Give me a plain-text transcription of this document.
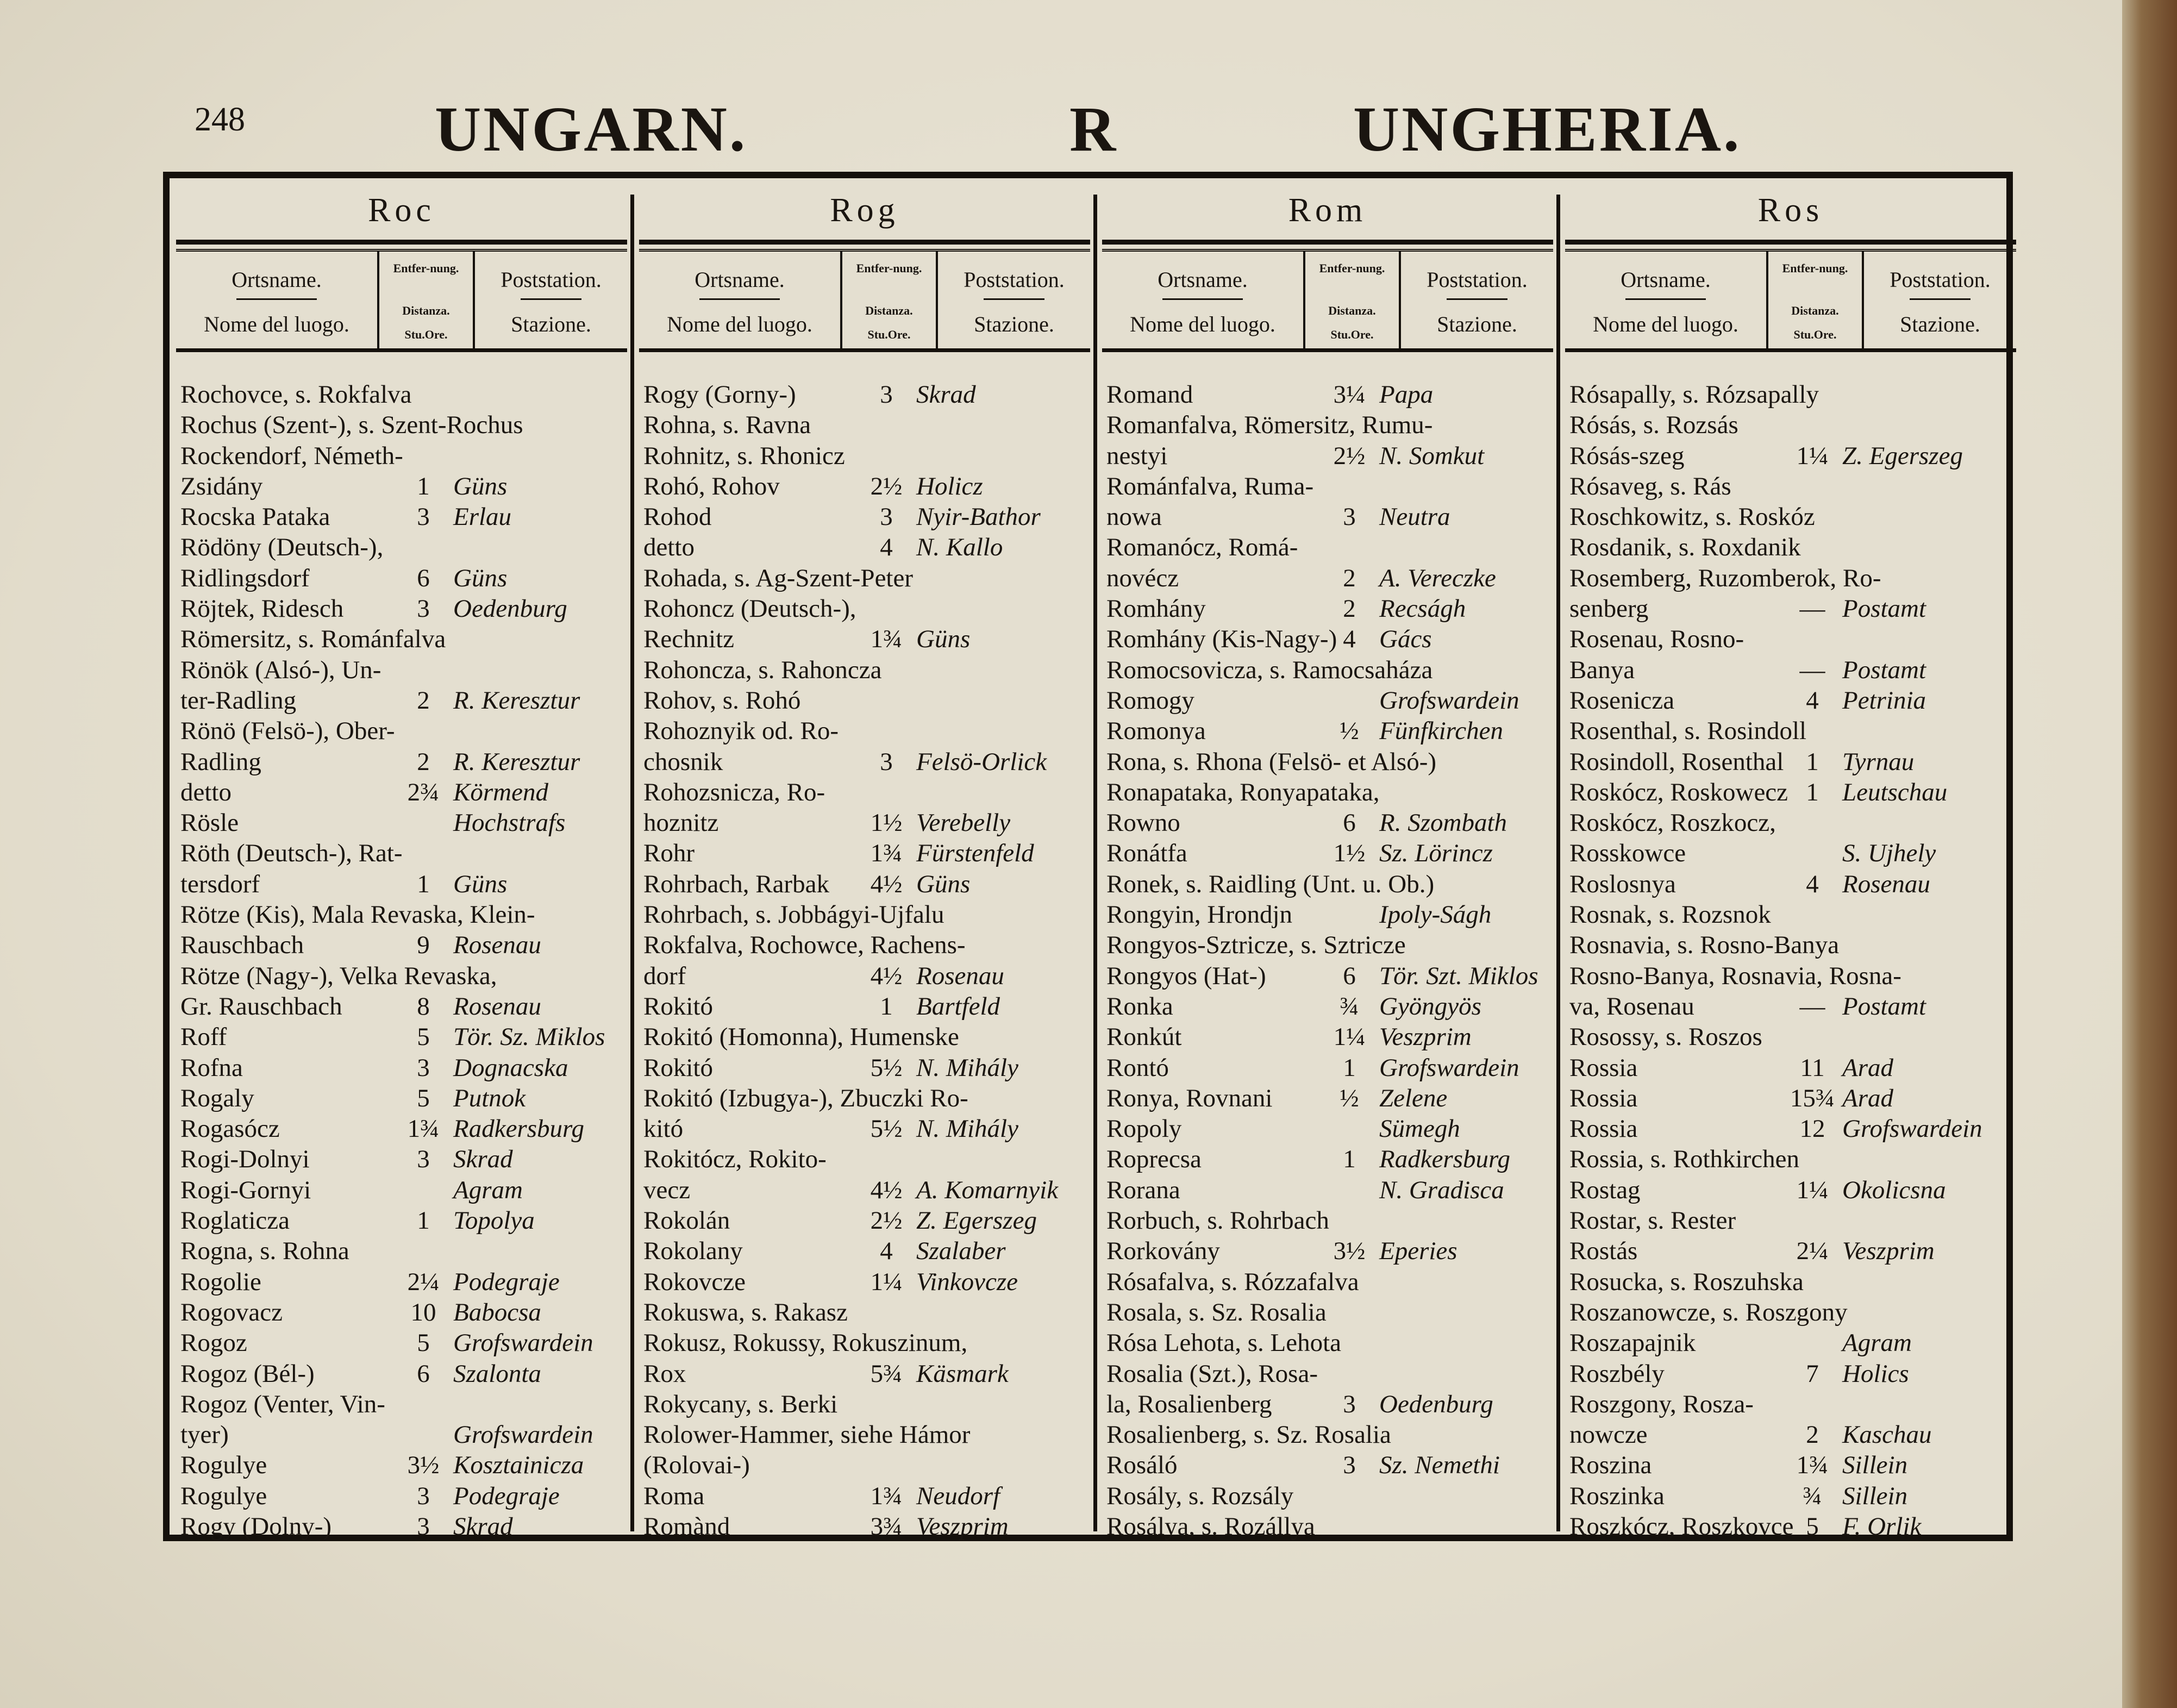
248	UNGARN.	R	UNGHERIA.
Roc
Ortsname.
Nome del luogo.
Entfer-nung.
Distanza.
Stu.Ore.
Poststation.
Stazione.
Rochovce, s. Rokfalva
Rochus (Szent-), s. Szent-Rochus
Rockendorf, Németh-
Zsidány	1 Güns
Rocska Pataka	3 Erlau
Rödöny (Deutsch-),
Ridlingsdorf	6 Güns
Röjtek, Ridesch	3 Oedenburg
Römersitz, s. Románfalva
Rönök (Alsó-), Un-
ter-Radling	2 R. Keresztur
Rönö (Felsö-), Ober-
Radling	2 R. Keresztur
detto	2¾ Körmend
Rösle	Hochstrafs
Röth (Deutsch-), Rat-
tersdorf	1 Güns
Rötze (Kis), Mala Revaska, Klein-
Rauschbach	9 Rosenau
Rötze (Nagy-), Velka Revaska,
Gr. Rauschbach	8 Rosenau
Roff	5 Tör. Sz. Miklos
Rofna	3 Dognacska
Rogaly	5 Putnok
Rogasócz	1¾ Radkersburg
Rogi-Dolnyi	3 Skrad
Rogi-Gornyi	Agram
Roglaticza	1 Topolya
Rogna, s. Rohna
Rogolie	2¼ Podegraje
Rogovacz	10 Babocsa
Rogoz	5 Grofswardein
Rogoz (Bél-)	6 Szalonta
Rogoz (Venter, Vin-
tyer)	Grofswardein
Rogulye	3½ Kosztainicza
Rogulye	3 Podegraje
Rogy (Dolny-)	3 Skrad
Rog
Ortsname.
Nome del luogo.
Entfer-nung.
Distanza.
Stu.Ore.
Poststation.
Stazione.
Rogy (Gorny-)	3 Skrad
Rohna, s. Ravna
Rohnitz, s. Rhonicz
Rohó, Rohov	2½ Holicz
Rohod	3 Nyir-Bathor
detto	4 N. Kallo
Rohada, s. Ag-Szent-Peter
Rohoncz (Deutsch-),
Rechnitz	1¾ Güns
Rohoncza, s. Rahoncza
Rohov, s. Rohó
Rohoznyik od. Ro-
chosnik	3 Felsö-Orlick
Rohozsnicza, Ro-
hoznitz	1½ Verebelly
Rohr	1¾ Fürstenfeld
Rohrbach, Rarbak	4½ Güns
Rohrbach, s. Jobbágyi-Ujfalu
Rokfalva, Rochowce, Rachens-
dorf	4½ Rosenau
Rokitó	1 Bartfeld
Rokitó (Homonna), Humenske
Rokitó	5½ N. Mihály
Rokitó (Izbugya-), Zbuczki Ro-
kitó	5½ N. Mihály
Rokitócz, Rokito-
vecz	4½ A. Komarnyik
Rokolán	2½ Z. Egerszeg
Rokolany	4 Szalaber
Rokovcze	1¼ Vinkovcze
Rokuswa, s. Rakasz
Rokusz, Rokussy, Rokuszinum,
Rox	5¾ Käsmark
Rokycany, s. Berki
Rolower-Hammer, siehe Hámor
(Rolovai-)
Roma	1¾ Neudorf
Romànd	3¾ Veszprim
Rom
Ortsname.
Nome del luogo.
Entfer-nung.
Distanza.
Stu.Ore.
Poststation.
Stazione.
Romand	3¼ Papa
Romanfalva, Römersitz, Rumu-
nestyi	2½ N. Somkut
Románfalva, Ruma-
nowa	3 Neutra
Romanócz, Romá-
novécz	2 A. Vereczke
Romhány	2 Recságh
Romhány (Kis-Nagy-) 4 Gács
Romocsovicza, s. Ramocsaháza
Romogy	Grofswardein
Romonya	½ Fünfkirchen
Rona, s. Rhona (Felsö- et Alsó-)
Ronapataka, Ronyapataka,
Rowno	6 R. Szombath
Ronátfa	1½ Sz. Lörincz
Ronek, s. Raidling (Unt. u. Ob.)
Rongyin, Hrondjn	Ipoly-Ságh
Rongyos-Sztricze, s. Sztricze
Rongyos (Hat-)	6 Tör. Szt. Miklos
Ronka	¾ Gyöngyös
Ronkút	1¼ Veszprim
Rontó	1 Grofswardein
Ronya, Rovnani	½ Zelene
Ropoly	Sümegh
Roprecsa	1 Radkersburg
Rorana	N. Gradisca
Rorbuch, s. Rohrbach
Rorkovány	3½ Eperies
Rósafalva, s. Rózzafalva
Rosala, s. Sz. Rosalia
Rósa Lehota, s. Lehota
Rosalia (Szt.), Rosa-
la, Rosalienberg	3 Oedenburg
Rosalienberg, s. Sz. Rosalia
Rosáló	3 Sz. Nemethi
Rosály, s. Rozsály
Rosálya, s. Rozállya
Ros
Ortsname.
Nome del luogo.
Entfer-nung.
Distanza.
Stu.Ore.
Poststation.
Stazione.
Rósapally, s. Rózsapally
Rósás, s. Rozsás
Rósás-szeg	1¼ Z. Egerszeg
Rósaveg, s. Rás
Roschkowitz, s. Roskóz
Rosdanik, s. Roxdanik
Rosemberg, Ruzomberok, Ro-
senberg	— Postamt
Rosenau, Rosno-
Banya	— Postamt
Rosenicza	4 Petrinia
Rosenthal, s. Rosindoll
Rosindoll, Rosenthal 1 Tyrnau
Roskócz, Roskowecz 1 Leutschau
Roskócz, Roszkocz,
Rosskowce	S. Ujhely
Roslosnya	4 Rosenau
Rosnak, s. Rozsnok
Rosnavia, s. Rosno-Banya
Rosno-Banya, Rosnavia, Rosna-
va, Rosenau	— Postamt
Rosossy, s. Roszos
Rossia	11 Arad
Rossia	15¾ Arad
Rossia	12 Grofswardein
Rossia, s. Rothkirchen
Rostag	1¼ Okolicsna
Rostar, s. Rester
Rostás	2¼ Veszprim
Rosucka, s. Roszuhska
Roszanowcze, s. Roszgony
Roszapajnik	Agram
Roszbély	7 Holics
Roszgony, Rosza-
nowcze	2 Kaschau
Roszina	1¾ Sillein
Roszinka	¾ Sillein
Roszkócz, Roszkovce 5 F. Orlik
